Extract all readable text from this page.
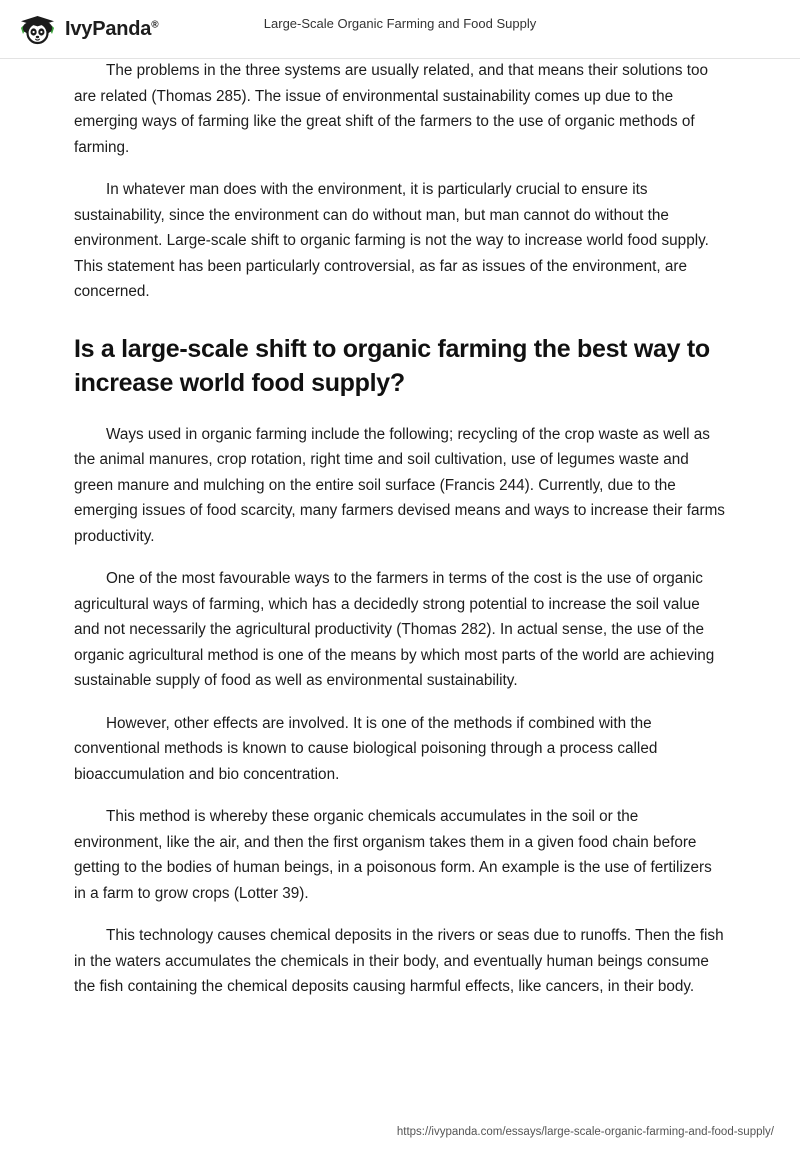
IvyPanda®	Large-Scale Organic Farming and Food Supply

The problems in the three systems are usually related, and that means their solutions too are related (Thomas 285). The issue of environmental sustainability comes up due to the emerging ways of farming like the great shift of the farmers to the use of organic methods of farming.

In whatever man does with the environment, it is particularly crucial to ensure its sustainability, since the environment can do without man, but man cannot do without the environment. Large-scale shift to organic farming is not the way to increase world food supply. This statement has been particularly controversial, as far as issues of the environment, are concerned.

Is a large-scale shift to organic farming the best way to increase world food supply?

Ways used in organic farming include the following; recycling of the crop waste as well as the animal manures, crop rotation, right time and soil cultivation, use of legumes waste and green manure and mulching on the entire soil surface (Francis 244). Currently, due to the emerging issues of food scarcity, many farmers devised means and ways to increase their farms productivity.

One of the most favourable ways to the farmers in terms of the cost is the use of organic agricultural ways of farming, which has a decidedly strong potential to increase the soil value and not necessarily the agricultural productivity (Thomas 282). In actual sense, the use of the organic agricultural method is one of the means by which most parts of the world are achieving sustainable supply of food as well as environmental sustainability.

However, other effects are involved. It is one of the methods if combined with the conventional methods is known to cause biological poisoning through a process called bioaccumulation and bio concentration.

This method is whereby these organic chemicals accumulates in the soil or the environment, like the air, and then the first organism takes them in a given food chain before getting to the bodies of human beings, in a poisonous form. An example is the use of fertilizers in a farm to grow crops (Lotter 39).

This technology causes chemical deposits in the rivers or seas due to runoffs. Then the fish in the waters accumulates the chemicals in their body, and eventually human beings consume the fish containing the chemical deposits causing harmful effects, like cancers, in their body.

https://ivypanda.com/essays/large-scale-organic-farming-and-food-supply/
